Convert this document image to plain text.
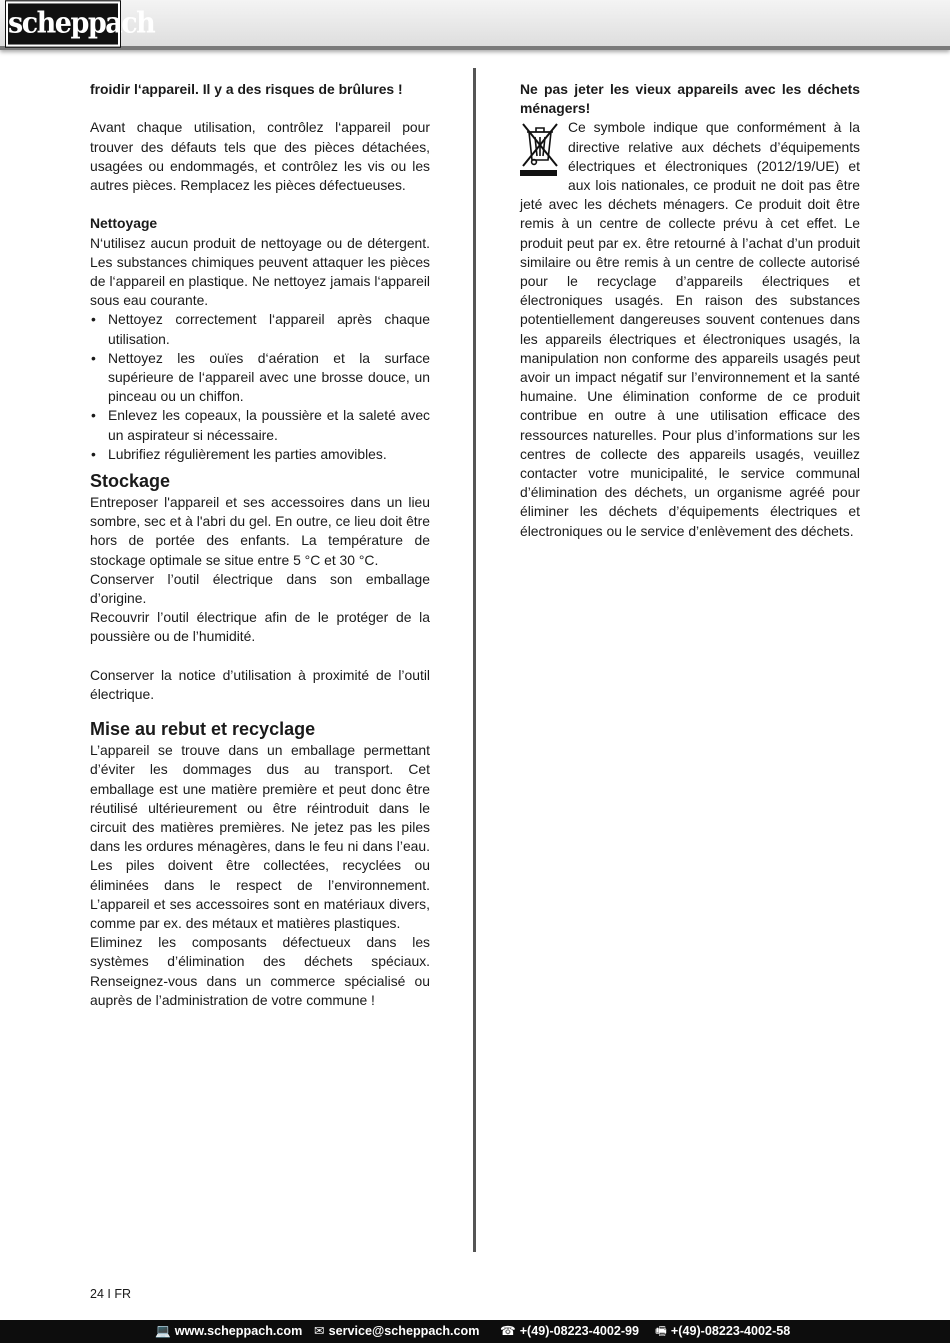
scheppach

froidir l‘appareil. Il y a des risques de brûlures !

Avant chaque utilisation, contrôlez l‘appareil pour trouver des défauts tels que des pièces détachées, usagées ou endommagés, et contrôlez les vis ou les autres pièces. Remplacez les pièces défectueuses.

Nettoyage

N‘utilisez aucun produit de nettoyage ou de détergent. Les substances chimiques peuvent attaquer les pièces de l‘appareil en plastique. Ne nettoyez jamais l‘appareil sous eau courante.

• Nettoyez correctement l‘appareil après chaque utilisation.
• Nettoyez les ouïes d‘aération et la surface supérieure de l‘appareil avec une brosse douce, un pinceau ou un chiffon.
• Enlevez les copeaux, la poussière et la saleté avec un aspirateur si nécessaire.
• Lubrifiez régulièrement les parties amovibles.
Stockage

Entreposer l'appareil et ses accessoires dans un lieu sombre, sec et à l'abri du gel. En outre, ce lieu doit être hors de portée des enfants. La température de stockage optimale se situe entre 5 °C et 30 °C.

Conserver l’outil électrique dans son emballage d’origine.

Recouvrir l’outil électrique afin de le protéger de la poussière ou de l’humidité.

Conserver la notice d’utilisation à proximité de l’outil électrique.

Mise au rebut et recyclage

L’appareil se trouve dans un emballage permettant d’éviter les dommages dus au transport. Cet emballage est une matière première et peut donc être réutilisé ultérieurement ou être réintroduit dans le circuit des matières premières. Ne jetez pas les piles dans les ordures ménagères, dans le feu ni dans l’eau. Les piles doivent être collectées, recyclées ou éliminées dans le respect de l’environnement. L’appareil et ses accessoires sont en matériaux divers, comme par ex. des métaux et matières plastiques.

Eliminez les composants défectueux dans les systèmes d’élimination des déchets spéciaux. Renseignez-vous dans un commerce spécialisé ou auprès de l’administration de votre commune !

Ne pas jeter les vieux appareils avec les déchets ménagers!

Ce symbole indique que conformément à la directive relative aux déchets d’équipements électriques et électroniques (2012/19/UE) et aux lois nationales, ce produit ne doit pas être jeté avec les déchets ménagers. Ce produit doit être remis à un centre de collecte prévu à cet effet. Le produit peut par ex. être retourné à l’achat d’un produit similaire ou être remis à un centre de collecte autorisé pour le recyclage d’appareils électriques et électroniques usagés. En raison des substances potentiellement dangereuses souvent contenues dans les appareils électriques et électroniques usagés, la manipulation non conforme des appareils usagés peut avoir un impact négatif sur l’environnement et la santé humaine. Une élimination conforme de ce produit contribue en outre à une utilisation efficace des ressources naturelles. Pour plus d’informations sur les centres de collecte des appareils usagés, veuillez contacter votre municipalité, le service communal d’élimination des déchets, un organisme agréé pour éliminer les déchets d’équipements électriques et électroniques ou le service d’enlèvement des déchets.

24 I FR
💻 www.scheppach.com ✉ service@scheppach.com ☎ +(49)-08223-4002-99 🖷 +(49)-08223-4002-58
